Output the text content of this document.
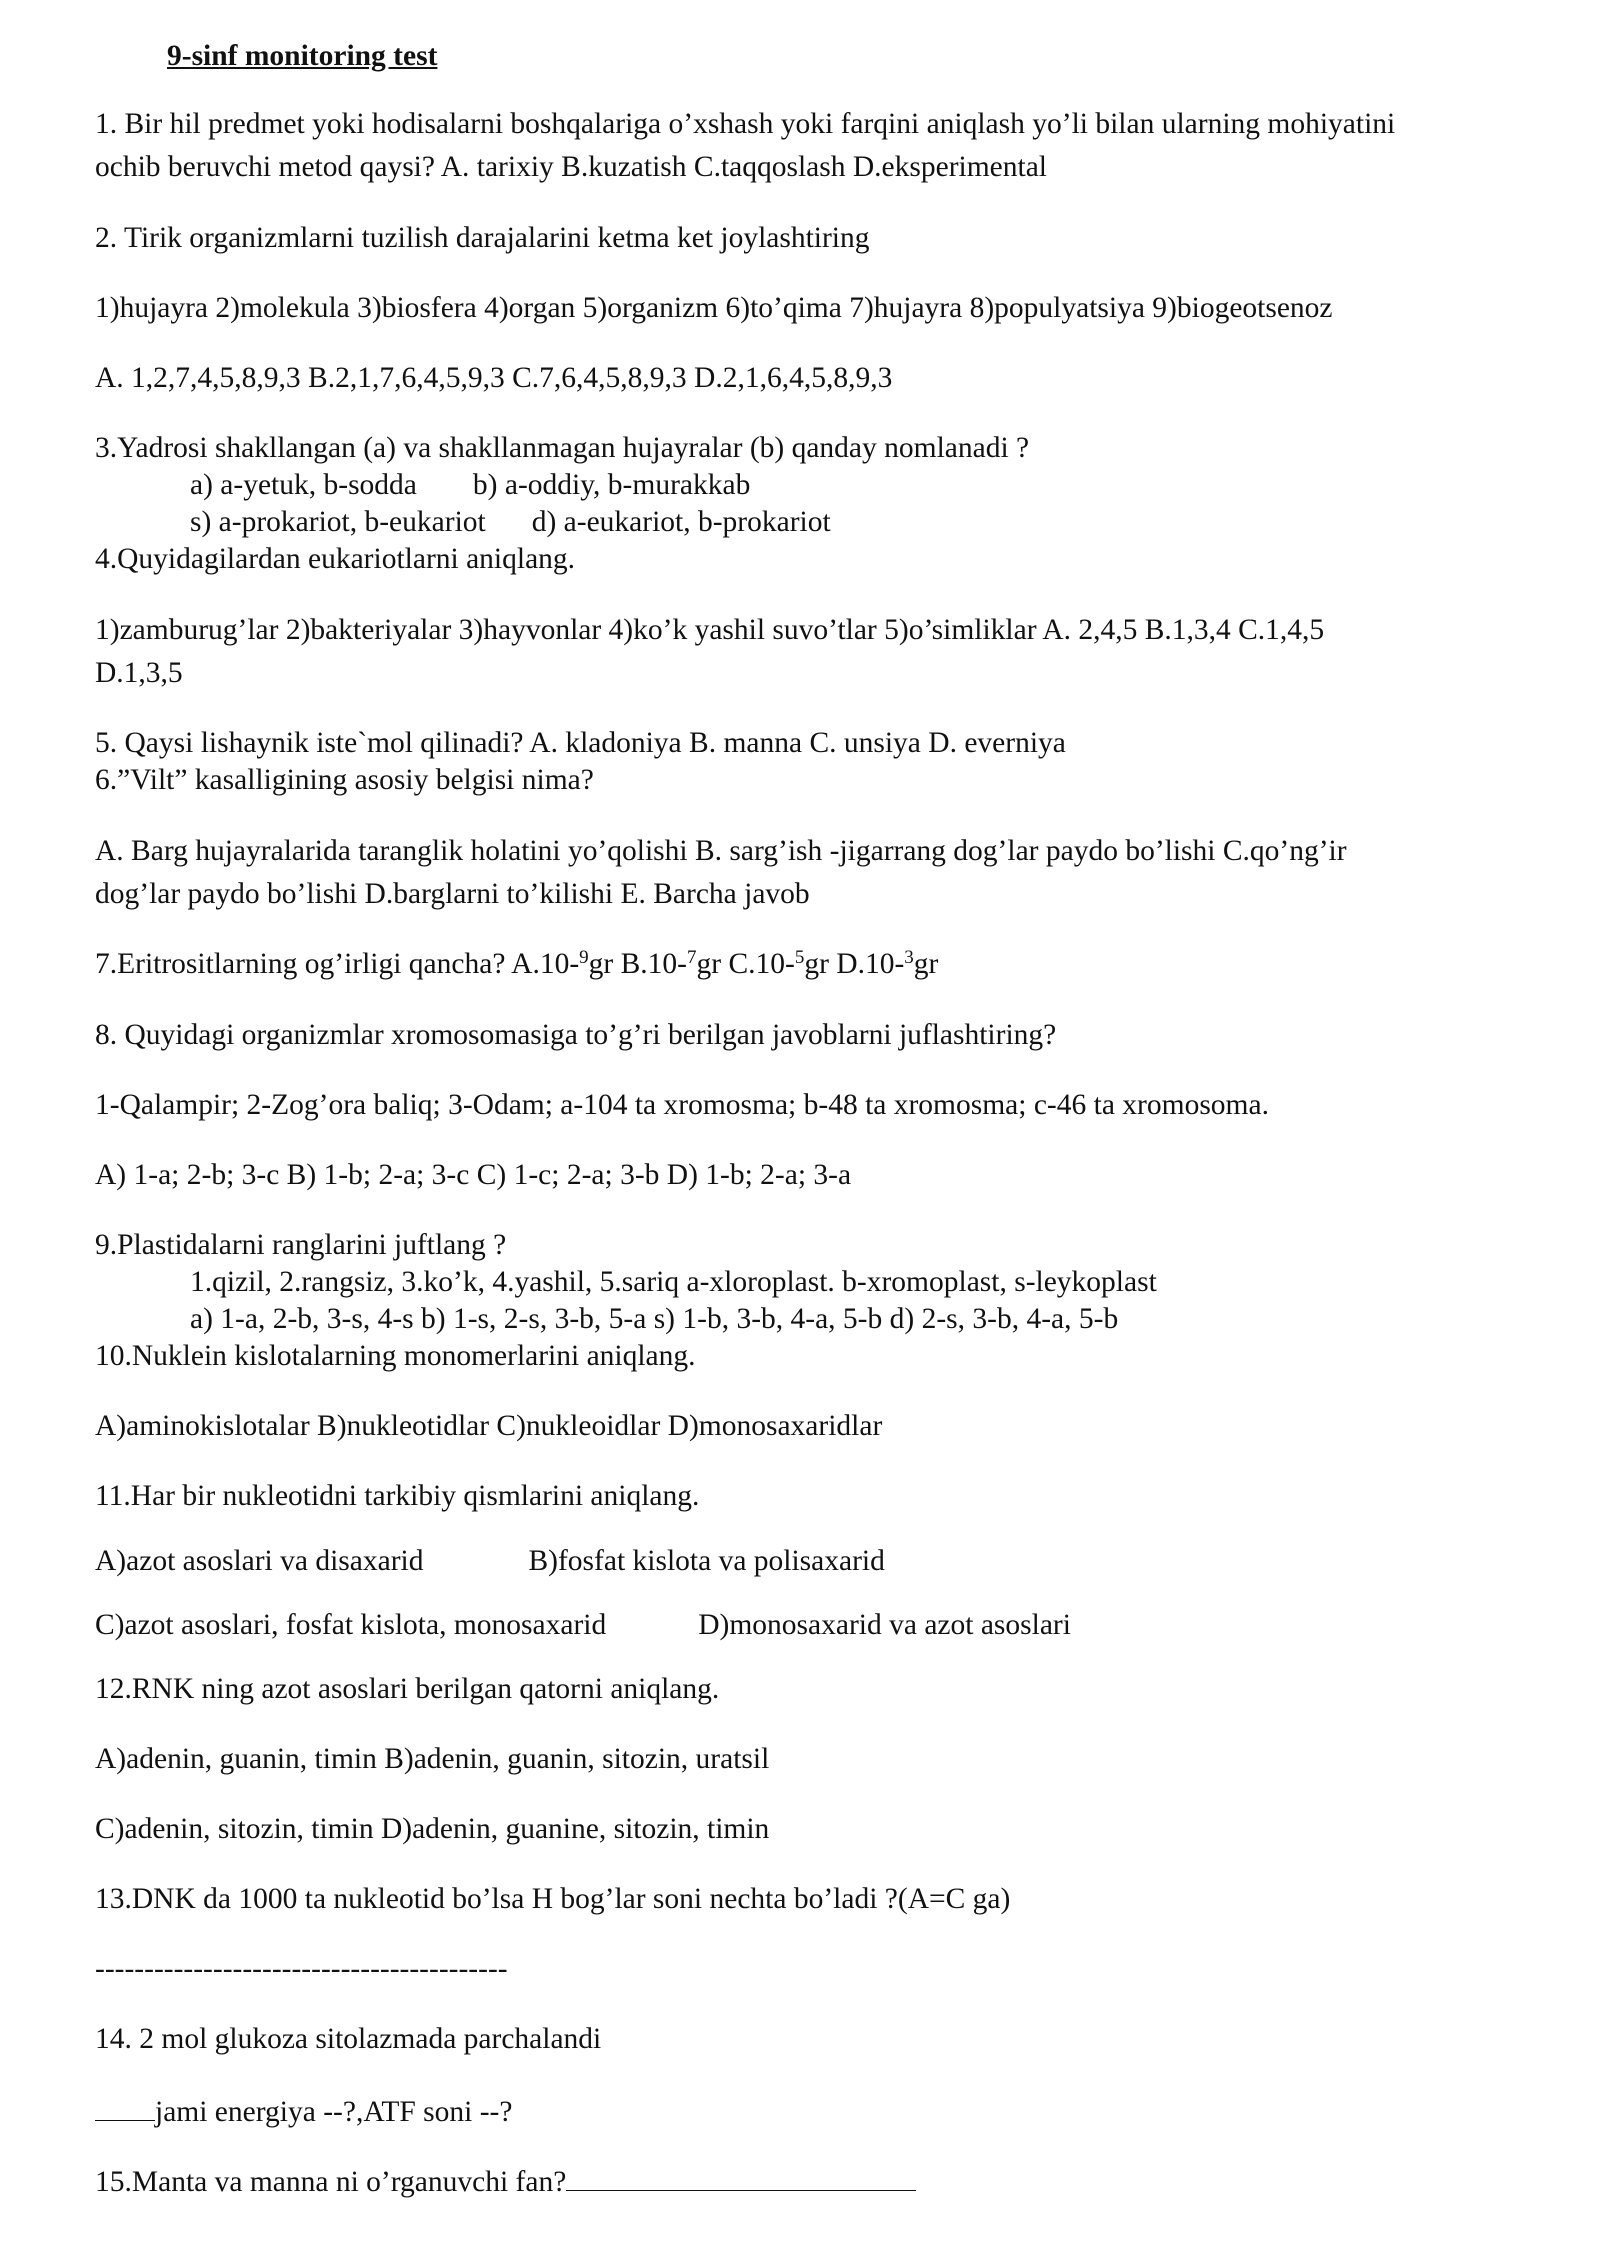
9-sinf monitoring test
1. Bir hil predmet yoki hodisalarni boshqalariga o’xshash yoki farqini aniqlash yo’li bilan ularning mohiyatini
ochib beruvchi metod qaysi? A. tarixiy B.kuzatish C.taqqoslash D.eksperimental
2. Tirik organizmlarni tuzilish darajalarini ketma ket joylashtiring
1)hujayra 2)molekula 3)biosfera 4)organ 5)organizm 6)to’qima 7)hujayra 8)populyatsiya 9)biogeotsenoz
A. 1,2,7,4,5,8,9,3 B.2,1,7,6,4,5,9,3 C.7,6,4,5,8,9,3 D.2,1,6,4,5,8,9,3
3.Yadrosi shakllangan (a) va shakllanmagan hujayralar (b) qanday nomlanadi ?
a) a-yetuk, b-sodda b) a-oddiy, b-murakkab
s) a-prokariot, b-eukariot d) a-eukariot, b-prokariot
4.Quyidagilardan eukariotlarni aniqlang.
1)zamburug’lar 2)bakteriyalar 3)hayvonlar 4)ko’k yashil suvo’tlar 5)o’simliklar A. 2,4,5 B.1,3,4 C.1,4,5
D.1,3,5
5. Qaysi lishaynik iste`mol qilinadi? A. kladoniya B. manna C. unsiya D. everniya
6.”Vilt” kasalligining asosiy belgisi nima?
A. Barg hujayralarida taranglik holatini yo’qolishi B. sarg’ish -jigarrang dog’lar paydo bo’lishi C.qo’ng’ir
dog’lar paydo bo’lishi D.barglarni to’kilishi E. Barcha javob
7.Eritrositlarning og’irligi qancha? A.10-$^9$gr B.10-$^7$gr C.10-$^5$gr D.10-$^3$gr
8. Quyidagi organizmlar xromosomasiga to’g’ri berilgan javoblarni juflashtiring?
1-Qalampir; 2-Zog’ora baliq; 3-Odam; a-104 ta xromosma; b-48 ta xromosma; c-46 ta xromosoma.
A) 1-a; 2-b; 3-c B) 1-b; 2-a; 3-c C) 1-c; 2-a; 3-b D) 1-b; 2-a; 3-a
9.Plastidalarni ranglarini juftlang ?
1.qizil, 2.rangsiz, 3.ko’k, 4.yashil, 5.sariq a-xloroplast. b-xromoplast, s-leykoplast
a) 1-a, 2-b, 3-s, 4-s b) 1-s, 2-s, 3-b, 5-a s) 1-b, 3-b, 4-a, 5-b d) 2-s, 3-b, 4-a, 5-b
10.Nuklein kislotalarning monomerlarini aniqlang.
A)aminokislotalar B)nukleotidlar C)nukleoidlar D)monosaxaridlar
11.Har bir nukleotidni tarkibiy qismlarini aniqlang.
A)azot asoslari va disaxarid	B)fosfat kislota va polisaxarid
C)azot asoslari, fosfat kislota, monosaxarid	D)monosaxarid va azot asoslari
12.RNK ning azot asoslari berilgan qatorni aniqlang.
A)adenin, guanin, timin B)adenin, guanin, sitozin, uratsil
C)adenin, sitozin, timin D)adenin, guanine, sitozin, timin
13.DNK da 1000 ta nukleotid bo’lsa H bog’lar soni nechta bo’ladi ?(A=C ga)
------------------------------------------
14. 2 mol glukoza sitolazmada parchalandi
jami energiya --?,ATF soni --?
15.Manta va manna ni o’rganuvchi fan?
